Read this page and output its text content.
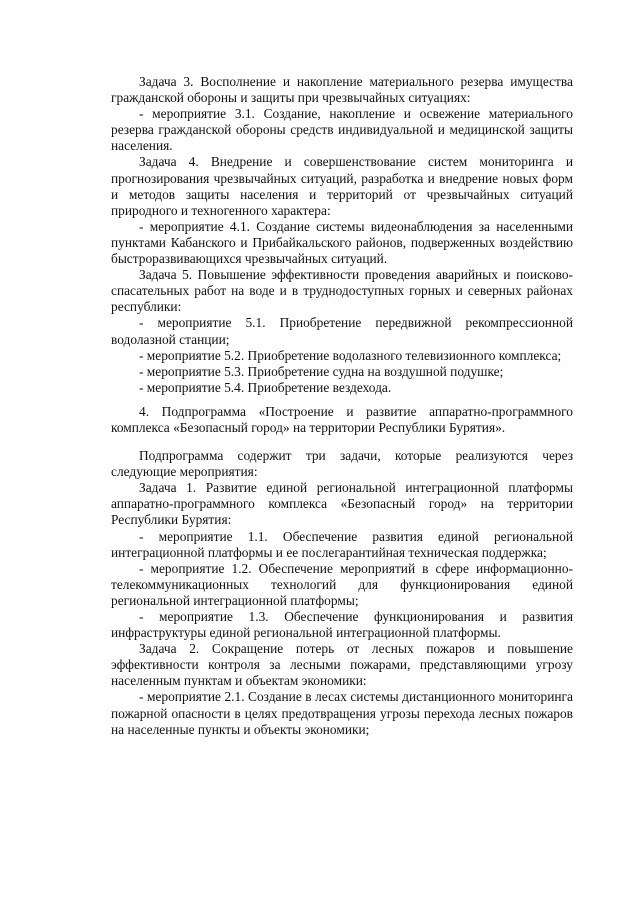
Задача 3. Восполнение и накопление материального резерва имущества гражданской обороны и защиты при чрезвычайных ситуациях:

- мероприятие 3.1. Создание, накопление и освежение материального резерва гражданской обороны средств индивидуальной и медицинской защиты населения.

Задача 4. Внедрение и совершенствование систем мониторинга и прогнозирования чрезвычайных ситуаций, разработка и внедрение новых форм и методов защиты населения и территорий от чрезвычайных ситуаций природного и техногенного характера:

- мероприятие 4.1. Создание системы видеонаблюдения за населенными пунктами Кабанского и Прибайкальского районов, подверженных воздействию быстроразвивающихся чрезвычайных ситуаций.

Задача 5. Повышение эффективности проведения аварийных и поисково-спасательных работ на воде и в труднодоступных горных и северных районах республики:

- мероприятие 5.1. Приобретение передвижной рекомпрессионной водолазной станции;

- мероприятие 5.2. Приобретение водолазного телевизионного комплекса;

- мероприятие 5.3. Приобретение судна на воздушной подушке;

- мероприятие 5.4. Приобретение вездехода.

4. Подпрограмма «Построение и развитие аппаратно-программного комплекса «Безопасный город» на территории Республики Бурятия».

Подпрограмма содержит три задачи, которые реализуются через следующие мероприятия:

Задача 1. Развитие единой региональной интеграционной платформы аппаратно-программного комплекса «Безопасный город» на территории Республики Бурятия:

- мероприятие 1.1. Обеспечение развития единой региональной интеграционной платформы и ее послегарантийная техническая поддержка;

- мероприятие 1.2. Обеспечение мероприятий в сфере информационно-телекоммуникационных технологий для функционирования единой региональной интеграционной платформы;

- мероприятие 1.3. Обеспечение функционирования и развития инфраструктуры единой региональной интеграционной платформы.

Задача 2. Сокращение потерь от лесных пожаров и повышение эффективности контроля за лесными пожарами, представляющими угрозу населенным пунктам и объектам экономики:

- мероприятие 2.1. Создание в лесах системы дистанционного мониторинга пожарной опасности в целях предотвращения угрозы перехода лесных пожаров на населенные пункты и объекты экономики;
